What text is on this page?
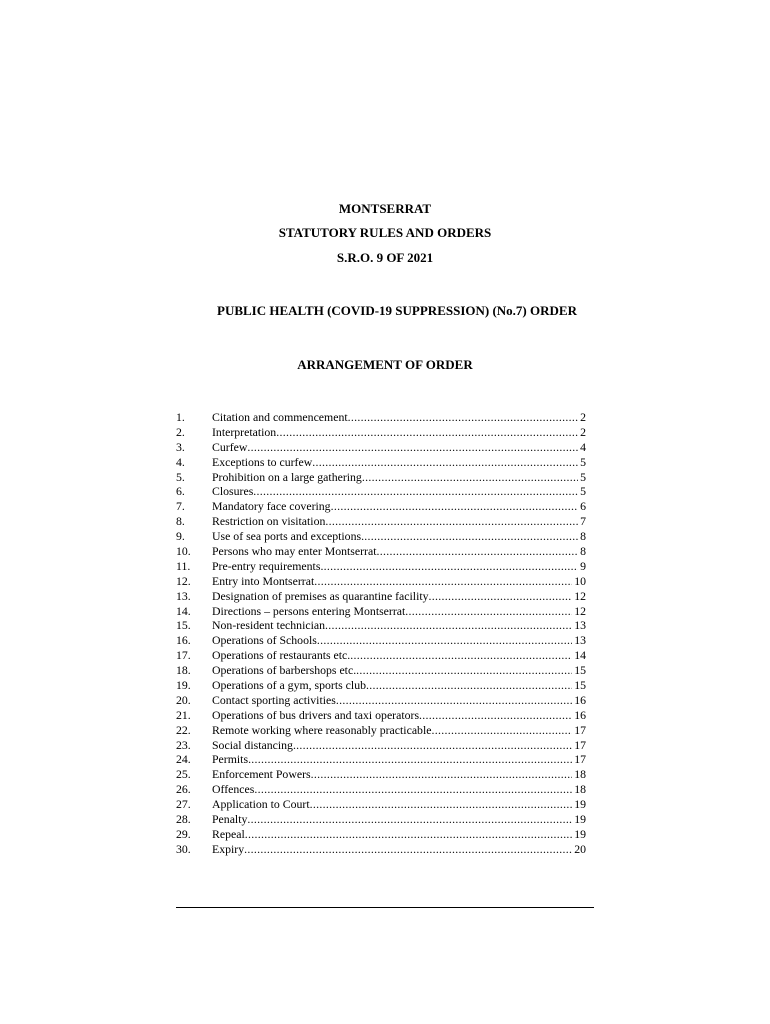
MONTSERRAT
STATUTORY RULES AND ORDERS
S.R.O. 9 OF 2021
PUBLIC HEALTH (COVID-19 SUPPRESSION) (No.7) ORDER
ARRANGEMENT OF ORDER
1.	Citation and commencement .....	2
2.	Interpretation .....	2
3.	Curfew .....	4
4.	Exceptions to curfew .....	5
5.	Prohibition on a large gathering .....	5
6.	Closures .....	5
7.	Mandatory face covering .....	6
8.	Restriction on visitation .....	7
9.	Use of sea ports and exceptions .....	8
10.	Persons who may enter Montserrat .....	8
11.	Pre-entry requirements .....	9
12.	Entry into Montserrat .....	10
13.	Designation of premises as quarantine facility .....	12
14.	Directions – persons entering Montserrat .....	12
15.	Non-resident technician .....	13
16.	Operations of Schools .....	13
17.	Operations of restaurants etc. .....	14
18.	Operations of barbershops etc. .....	15
19.	Operations of a gym, sports club .....	15
20.	Contact sporting activities .....	16
21.	Operations of bus drivers and taxi operators .....	16
22.	Remote working where reasonably practicable .....	17
23.	Social distancing .....	17
24.	Permits .....	17
25.	Enforcement Powers .....	18
26.	Offences .....	18
27.	Application to Court .....	19
28.	Penalty .....	19
29.	Repeal .....	19
30.	Expiry .....	20
